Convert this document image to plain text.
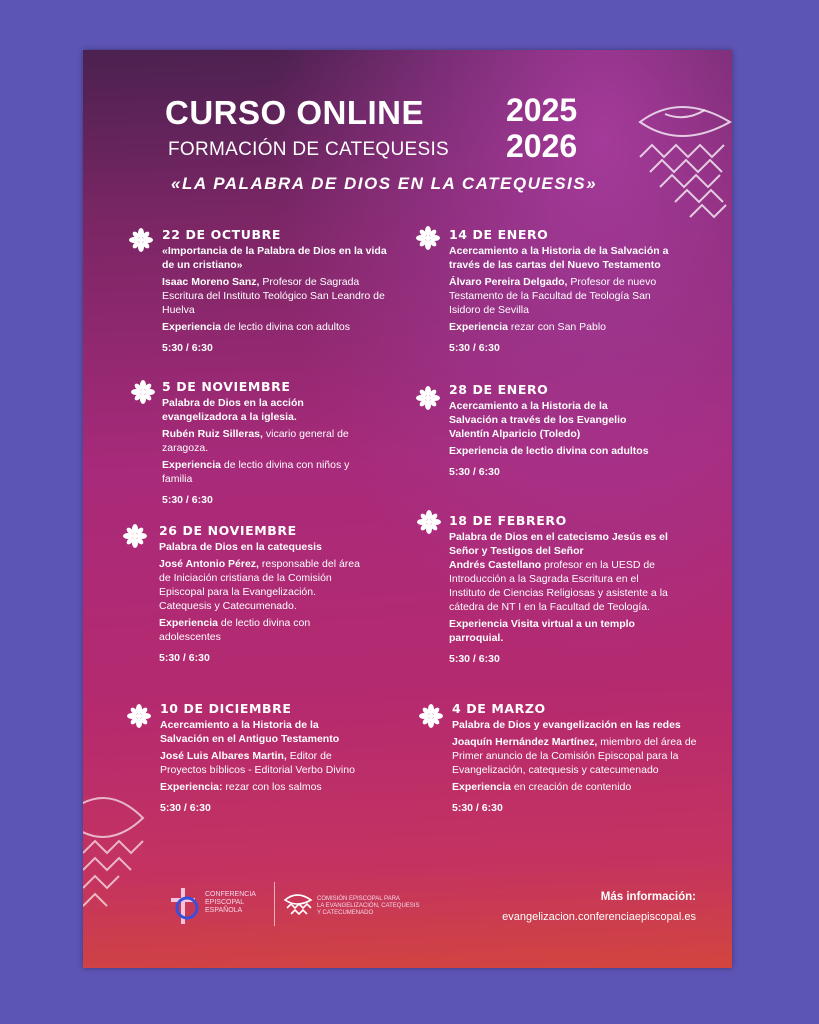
CURSO ONLINE
FORMACIÓN DE CATEQUESIS
2025
2026
«LA PALABRA DE DIOS EN LA CATEQUESIS»
22 DE OCTUBRE
«Importancia de la Palabra de Dios en la vida de un cristiano»
Isaac Moreno Sanz, Profesor de Sagrada Escritura del Instituto Teológico San Leandro de Huelva
Experiencia de lectio divina con adultos
5:30 / 6:30
5 DE NOVIEMBRE
Palabra de Dios en la acción evangelizadora a la iglesia.
Rubén Ruiz Silleras, vicario general de zaragoza.
Experiencia de lectio divina con niños y familia
5:30 / 6:30
26 DE NOVIEMBRE
Palabra de Dios en la catequesis
José Antonio Pérez, responsable del área de Iniciación cristiana de la Comisión Episcopal para la Evangelización. Catequesis y Catecumenado.
Experiencia de lectio divina con adolescentes
5:30 / 6:30
10 DE DICIEMBRE
Acercamiento a la Historia de la Salvación en el Antiguo Testamento
José Luis Albares Martin, Editor de Proyectos bíblicos - Editorial Verbo Divino
Experiencia: rezar con los salmos
5:30 / 6:30
14 DE ENERO
Acercamiento a la Historia de la Salvación a través de las cartas del Nuevo Testamento
Álvaro Pereira Delgado, Profesor de nuevo Testamento de la Facultad de Teología San Isidoro de Sevilla
Experiencia rezar con San Pablo
5:30 / 6:30
28 DE ENERO
Acercamiento a la Historia de la Salvación a través de los Evangelio
Valentín Alparicio (Toledo)
Experiencia de lectio divina con adultos
5:30 / 6:30
18 DE FEBRERO
Palabra de Dios en el catecismo Jesús es el Señor y Testigos del Señor
Andrés Castellano profesor en la UESD de Introducción a la Sagrada Escritura en el Instituto de Ciencias Religiosas y asistente a la cátedra de NT I en la Facultad de Teología.
Experiencia Visita virtual a un templo parroquial.
5:30 / 6:30
4 DE MARZO
Palabra de Dios y evangelización en las redes
Joaquín Hernández Martínez, miembro del área de Primer anuncio de la Comisión Episcopal para la Evangelización, catequesis y catecumenado
Experiencia en creación de contenido
5:30 / 6:30
CONFERENCIA
EPISCOPAL
ESPAÑOLA
COMISIÓN EPISCOPAL PARA
LA EVANGELIZACIÓN, CATEQUESIS
Y CATECUMENADO
Más información:
evangelizacion.conferenciaepiscopal.es
